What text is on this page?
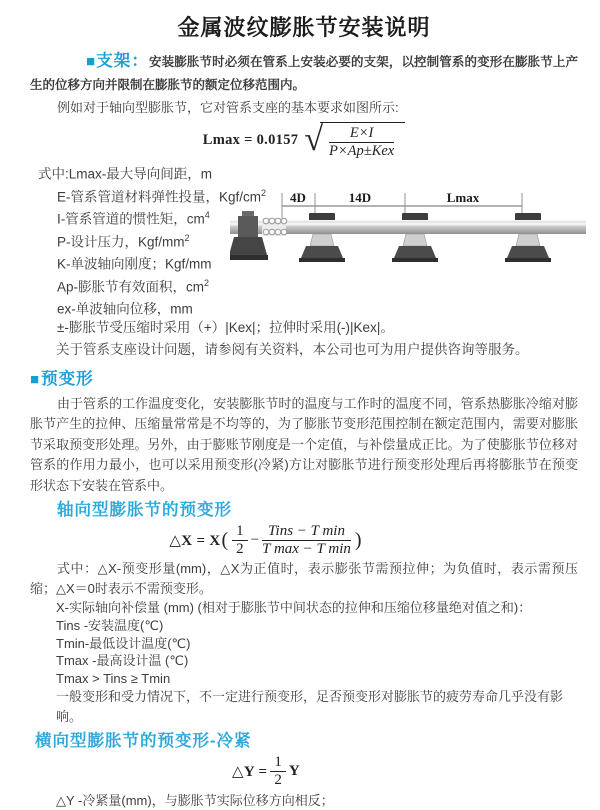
金属波纹膨胀节安装说明

■支架：安装膨胀节时必须在管系上安装必要的支架，以控制管系的变形在膨胀节上产生的位移方向并限制在膨胀节的额定位移范围内。

例如对于轴向型膨胀节，它对管系支座的基本要求如图所示:

Lmax = 0.0157 √ $\frac{E\times I}{\text{P×Ap±Kex}}$
式中:Lmax-最大导向间距，m
E-管系管道材料弹性投量，Kgf/$cm^2$
I-管系管道的惯性矩，$cm^4$
P-设计压力，Kgf/$mm^2$
K-单波轴向刚度；Kgf/mm
Ap-膨胀节有效面积，$cm^2$
ex-单波轴向位移，mm
±-膨胀节受压缩时采用（+）|Kex|；拉伸时采用(-)|Kex|。
4D	14D	Lmax
关于管系支座设计问题，请参阅有关资料，本公司也可为用户提供咨询等服务。
■预变形

由于管系的工作温度变化，安装膨胀节时的温度与工作时的温度不同，管系热膨胀冷缩对膨胀节产生的拉伸、压缩量常常是不均等的，为了膨胀节变形范围控制在额定范围内，需要对膨胀节采取预变形处理。另外，由于膨账节刚度是一个定值，与补偿量成正比。为了使膨胀节位移对管系的作用力最小，也可以采用预变形(冷紧)方让对膨胀节进行预变形处理后再将膨胀节在预变形状态下安装在管系中。

轴向型膨胀节的预变形
△X = X ( $\frac{1}{2} - \frac{\text{Tins − T min}}{\text{T max − T min}}$ )

式中：△X-预变形量(mm)，△X为正值时，表示膨张节需预拉伸；为负值时，表示需预压缩；△X＝0时表示不需预变形。

X-实际轴向补偿量 (mm) (相对于膨胀节中间状态的拉伸和压缩位移量绝对值之和)：
Tins -安装温度(℃)
Tmin-最低设计温度(℃)
Tmax -最高设计温 (℃)
Tmax > Tins ≥ Tmin
一般变形和受力情况下，不一定进行预变形，足否预变形对膨胀节的疲劳寿命几乎没有影响。
横向型膨胀节的预变形-冷紧
△Y = $\frac{1}{2}$ Y
△Y -冷紧量(mm)，与膨胀节实际位移方向相反；
